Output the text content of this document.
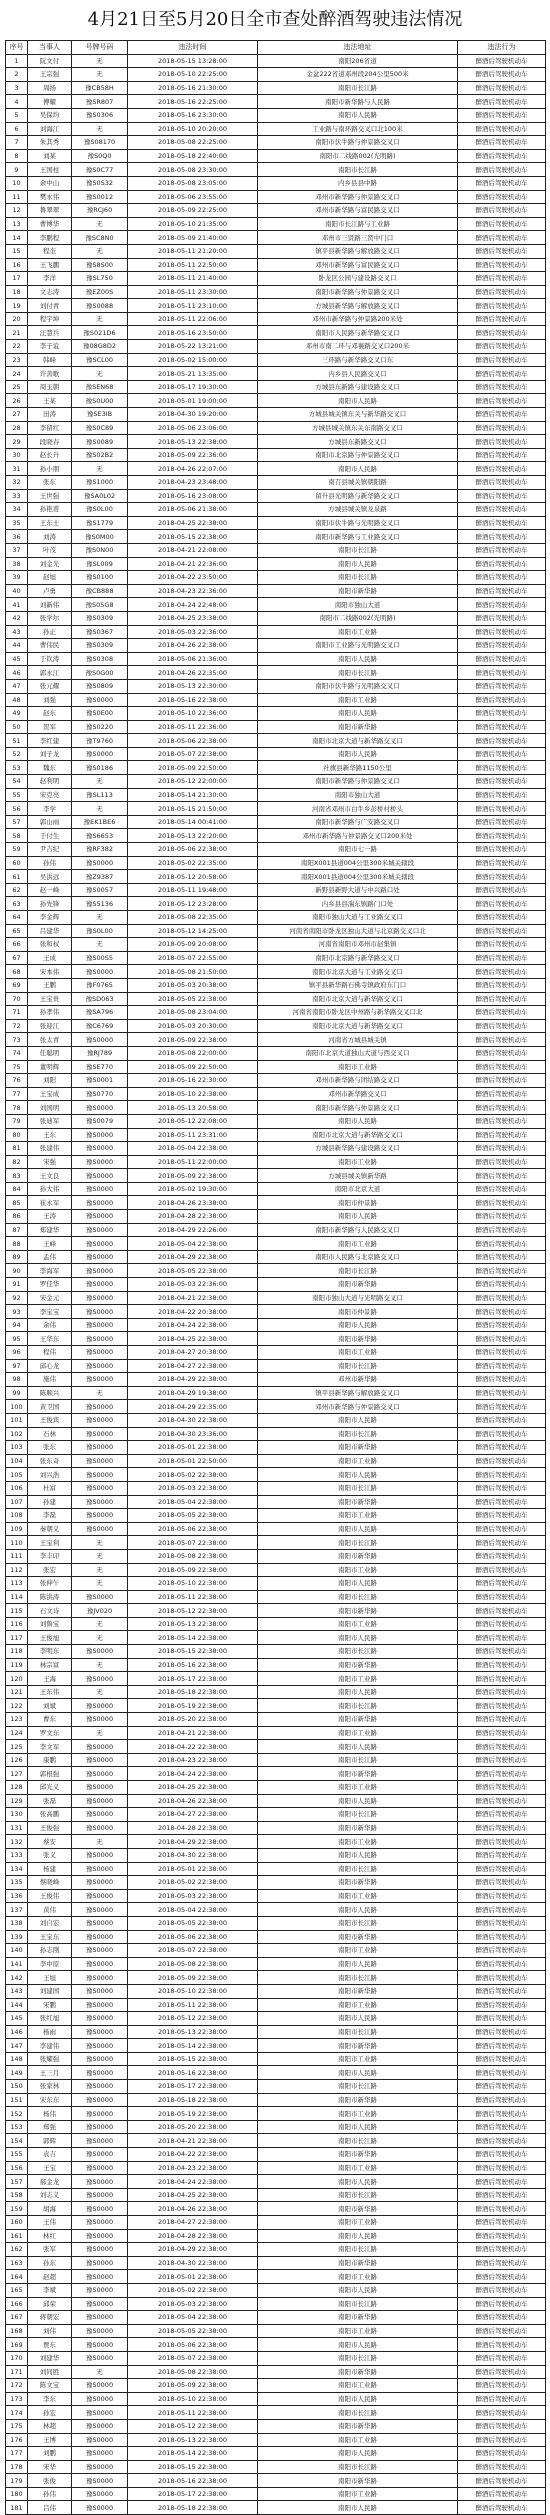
4月21日至5月20日全市查处醉酒驾驶违法情况
序号	当事人	号牌号码	违法时间	违法地址	违法行为
1	阮文付	无	2018-05-15 13:28:00	南阳206省道	醉酒后驾驶机动车
2	王宗强	无	2018-05-10 22:25:00	金盆222省道邓州段204公里500米	醉酒后驾驶机动车
3	周扬	豫CB58H	2018-05-16 21:30:00	南阳市长江路	醉酒后驾驶机动车
4	傅耀	豫SR807	2018-05-16 22:25:00	南阳市新华路与人民路	醉酒后驾驶机动车
5	吴保均	豫S0306	2018-05-16 23:30:00	南阳市人民路	醉酒后驾驶机动车
6	刘海江	无	2018-05-10 20:20:00	工业路与南环路交叉口北100米	醉酒后驾驶机动车
7	朱其秀	豫S08170	2018-05-08 22:25:00	南阳市伏牛路与仲景路交叉口	醉酒后驾驶机动车
8	刘某	豫S0Q0	2018-05-18 22:40:00	南阳市二线路002(光明路)	醉酒后驾驶机动车
9	王国柱	豫S0C77	2018-05-08 23:30:00	南阳市长江路	醉酒后驾驶机动车
10	余中山	豫S0S32	2018-05-08 23:05:00	内乡县县中路	醉酒后驾驶机动车
11	樊永伟	豫S0012	2018-05-06 23:55:00	邓州市新华路与仲景路交叉口	醉酒后驾驶机动车
12	鲁翠翠	豫RCJ60	2018-05-09 22:25:00	邓州市新华路与富民路交叉口	醉酒后驾驶机动车
13	曹博华	无	2018-05-10 21:35:00	南阳市长江路与工业路	醉酒后驾驶机动车
14	李鹏程	豫SC8N0	2018-05-09 21:40:00	邓州市三贤路三贤中门口	醉酒后驾驶机动车
15	程奎	无	2018-05-11 21:20:00	镇平县新华路与解放路交叉口	醉酒后驾驶机动车
16	王飞鹏	豫S8S00	2018-05-11 22:50:00	邓州市新华路与富民路交叉口	醉酒后驾驶机动车
17	李洋	豫SL750	2018-05-11 21:40:00	卧龙区公园与建设路交叉口	醉酒后驾驶机动车
18	文志涛	豫EZ00S	2018-05-11 23:30:00	南阳市新华路与仲景路交叉口	醉酒后驾驶机动车
19	刘付青	豫S0088	2018-05-11 23:10:00	方城县新华路与解放路交叉口	醉酒后驾驶机动车
20	程宇坤	无	2018-05-11 22:06:00	邓州市新华路与仲景路200米处	醉酒后驾驶机动车
21	汪慧兵	豫S021D6	2018-05-16 23:50:00	南阳市人民路与新华路交叉口	醉酒后驾驶机动车
22	李子谊	豫08G8D2	2018-05-22 13:21:00	邓州市南二环与邓襄路交叉口200米	醉酒后驾驶机动车
23	韩峰	豫SCL00	2018-05-02 15:00:00	三环路与新华路交叉口东	醉酒后驾驶机动车
24	许善歌	无	2018-05-21 13:35:00	内乡县人民路交叉口	醉酒后驾驶机动车
25	周玉朝	豫SEN68	2018-05-17 19:30:00	方城县东新路与建设路交叉口	醉酒后驾驶机动车
26	王某	豫S0U00	2018-05-01 19:00:00	南阳市人民路	醉酒后驾驶机动车
27	田涛	豫SE3IB	2018-04-30 19:20:00	方城县城关镇东关与新华路交叉口	醉酒后驾驶机动车
28	李留红	豫S0C89	2018-05-06 23:06:00	方城县城关镇东关东南路交叉口	醉酒后驾驶机动车
29	段晓春	豫S0089	2018-05-13 22:38:00	方城县东新路交叉口	醉酒后驾驶机动车
30	赵长升	豫S02B2	2018-05-09 22:36:00	南阳市北京路与仲景路交叉口	醉酒后驾驶机动车
31	孙小朋	无	2018-04-26 22:07:00	南阳市人民路	醉酒后驾驶机动车
32	张东	豫S1000	2018-04-23 23:48:00	南召县城关镇朝阳路	醉酒后驾驶机动车
33	王世强	豫SA0L02	2018-05-16 23:08:00	留升县光明路与新华路交叉口	醉酒后驾驶机动车
34	孙艳甫	豫S0L00	2018-05-06 21:38:00	方城县城关镇龙泉路	醉酒后驾驶机动车
35	王东士	豫S1779	2018-04-25 22:38:00	南阳市伏牛路与光明路交叉口	醉酒后驾驶机动车
36	刘涛	豫S0M00	2018-05-15 22:38:00	南阳市新华路与工业路交叉口	醉酒后驾驶机动车
37	叶茂	豫S0N00	2018-04-21 22:08:00	南阳市长江路	醉酒后驾驶机动车
38	刘金光	豫SL009	2018-04-21 22:36:00	南阳市人民路	醉酒后驾驶机动车
39	赵旭	豫S0100	2018-04-22 23:50:00	南阳市长江路	醉酒后驾驶机动车
40	卢勇	豫CB888	2018-04-23 22:36:00	南阳市新华路	醉酒后驾驶机动车
41	刘新伟	豫S05G8	2018-04-24 22:48:00	南阳市独山大道	醉酒后驾驶机动车
42	张学尔	豫S0309	2018-04-25 23:38:00	南阳市二线路002(光明路)	醉酒后驾驶机动车
43	孙正	豫S0367	2018-05-03 22:36:00	南阳市工业路	醉酒后驾驶机动车
44	曹伟民	豫S0309	2018-04-26 22:38:00	南阳市工业路与光明路交叉口	醉酒后驾驶机动车
45	于钦涛	豫S0308	2018-05-06 21:36:00	南阳市人民路	醉酒后驾驶机动车
46	郭永江	豫S0G00	2018-04-26 22:35:00	南阳市长江路	醉酒后驾驶机动车
47	张元耀	豫S0809	2018-05-13 22:30:00	南阳市伏牛路与光明路交叉口	醉酒后驾驶机动车
48	刘强	豫S0000	2018-05-16 22:38:00	南阳市工业路	醉酒后驾驶机动车
49	赵东	豫S0E00	2018-05-10 22:36:00	南阳市人民路	醉酒后驾驶机动车
50	贺军	豫S0220	2018-05-11 22:36:00	南阳市新华路	醉酒后驾驶机动车
51	李红建	豫T9760	2018-05-06 22:38:00	南阳市北京大道与新华路交叉口	醉酒后驾驶机动车
52	刘子龙	豫S0000	2018-05-07 22:38:00	南阳市人民路	醉酒后驾驶机动车
53	魏东	豫S0186	2018-05-09 22:50:00	社旗县新华路1150公里	醉酒后驾驶机动车
54	赵利明	无	2018-05-12 22:00:00	南阳市新华路与仲景路交叉口	醉酒后驾驶机动车
55	宋克亮	豫SL113	2018-05-14 21:30:00	南阳市独山大道	醉酒后驾驶机动车
56	李学	无	2018-05-15 21:50:00	河南省邓州市白牛乡彭桥村桥头	醉酒后驾驶机动车
57	郭山雨	豫EK1BE6	2018-05-14 00:41:00	南阳市新华路与广安路交叉口	醉酒后驾驶机动车
58	于付生	豫S6653	2018-05-13 22:20:00	邓州市新华路与仲景路交叉口200米处	醉酒后驾驶机动车
59	尹吉纪	豫RF382	2018-05-06 22:38:00	南阳市七一路	醉酒后驾驶机动车
60	孙伟	豫S0000	2018-05-02 22:35:00	南阳X001县道004公里300米城关辖段	醉酒后驾驶机动车
61	吴洪远	豫Z9387	2018-05-12 20:58:00	南阳X001县道004公里300米城关辖段	醉酒后驾驶机动车
62	赵一峰	豫S0057	2018-05-11 19:48:00	新野县新野大道与中兴路口处	醉酒后驾驶机动车
63	孙先锋	豫S5136	2018-05-12 23:28:00	内乡县县湍东镇路门口处	醉酒后驾驶机动车
64	李金辉	无	2018-05-08 22:35:00	南阳市独山大道与工业路交叉口	醉酒后驾驶机动车
65	吕建华	豫S0L00	2018-05-12 14:25:00	河南省南阳市卧龙区独山大道与北京路交叉口北	醉酒后驾驶机动车
66	张和权	无	2018-05-09 20:08:00	河南省南阳市邓州市赵集镇	醉酒后驾驶机动车
67	王成	豫S00S5	2018-05-07 22:55:00	南阳市北京路与新华路交叉口	醉酒后驾驶机动车
68	宋本伟	豫S0000	2018-05-08 21:50:00	南阳市北京大道与工业路交叉口	醉酒后驾驶机动车
69	王鹏	豫F0765	2018-05-03 20:38:00	镇平县新华路石佛寺镇政府东门口	醉酒后驾驶机动车
70	王宝贵	豫SD063	2018-05-05 22:38:00	南阳市北京大道与新华路交叉口	醉酒后驾驶机动车
71	孙孝伟	豫SA796	2018-05-08 23:04:00	河南省南阳市卧龙区中州路与新华路交叉口北	醉酒后驾驶机动车
72	张迎江	豫C6769	2018-05-03 20:30:00	南阳市北京大道与新华路交叉口	醉酒后驾驶机动车
73	张太青	豫S0000	2018-05-09 22:38:00	河南省方城县城关镇	醉酒后驾驶机动车
74	任聪明	豫RJ789	2018-05-08 22:00:00	南阳市北京大道独山大道与西交叉口	醉酒后驾驶机动车
75	董明辉	豫SE770	2018-05-09 22:50:00	南阳市工业路	醉酒后驾驶机动车
76	刘阳	豫S0001	2018-05-16 22:30:00	邓州市新华路与团结路交叉口	醉酒后驾驶机动车
77	王宝成	豫S0770	2018-05-10 22:38:00	邓州市新华路交叉口	醉酒后驾驶机动车
78	刘国明	豫S0000	2018-05-13 20:58:00	南阳市新华路与仲景路交叉口	醉酒后驾驶机动车
79	张迪军	豫S0079	2018-05-12 22:08:00	南阳市人民路	醉酒后驾驶机动车
80	王东	豫S0000	2018-05-11 23:31:00	南阳市北京大道与新华路交叉口	醉酒后驾驶机动车
81	张建伟	豫S0000	2018-05-04 22:38:00	方城县新华路与建设路交叉口	醉酒后驾驶机动车
82	宋强	豫S0000	2018-05-11 22:00:00	南阳市工业路	醉酒后驾驶机动车
83	王文良	豫S0000	2018-05-09 22:38:00	方城县城关镇新华路	醉酒后驾驶机动车
84	孙大伟	豫S0000	2018-05-02 19:30:00	南阳市北京大道	醉酒后驾驶机动车
85	崔永军	豫S0000	2018-04-26 23:38:00	南阳市仲景路	醉酒后驾驶机动车
86	王涛	豫S0000	2018-04-28 22:38:00	南阳市人民路	醉酒后驾驶机动车
87	郑建华	豫S0000	2018-04-29 22:26:00	南阳市新华路与人民路交叉口	醉酒后驾驶机动车
88	王峰	豫S0000	2018-05-04 22:38:00	南阳市工业路	醉酒后驾驶机动车
89	孟伟	豫S0000	2018-04-29 22:38:00	南阳市人民路与北京路交叉口	醉酒后驾驶机动车
90	李海军	豫S0000	2018-05-05 22:38:00	南阳市长江路	醉酒后驾驶机动车
91	罗佳华	豫S0000	2018-05-03 22:36:00	南阳市新华路	醉酒后驾驶机动车
92	宋金元	豫S0000	2018-04-21 22:38:00	南阳市独山大道与光明路交叉口	醉酒后驾驶机动车
93	李宝宝	豫S0000	2018-04-22 20:38:00	南阳市仲景路	醉酒后驾驶机动车
94	余伟	豫S0000	2018-04-24 22:38:00	南阳市人民路	醉酒后驾驶机动车
95	王华东	豫S0000	2018-04-25 22:38:00	南阳市新华路	醉酒后驾驶机动车
96	程伟	豫S0000	2018-04-27 20:38:00	南阳市工业路	醉酒后驾驶机动车
97	邱心龙	豫S0000	2018-04-27 22:38:00	南阳市长江路	醉酒后驾驶机动车
98	施伟	豫S0000	2018-04-29 22:38:00	邓州市新华路	醉酒后驾驶机动车
99	陈顺兴	无	2018-04-29 19:38:00	镇平县新华路与解放路交叉口	醉酒后驾驶机动车
100	黄卫国	豫S0000	2018-04-29 22:35:00	邓州市新华路与仲景路交叉口	醉酒后驾驶机动车
101	王俊宾	豫S0000	2018-04-30 22:38:00	南阳市人民路	醉酒后驾驶机动车
102	石林	豫S0000	2018-04-30 23:36:00	南阳市长江路	醉酒后驾驶机动车
103	张东	豫S0000	2018-05-01 22:38:00	南阳市新华路	醉酒后驾驶机动车
104	张东奇	豫S0000	2018-05-01 22:50:00	南阳市工业路	醉酒后驾驶机动车
105	刘兴浩	豫S0000	2018-05-02 22:38:00	南阳市人民路	醉酒后驾驶机动车
106	杜富	豫S0000	2018-05-03 22:38:00	南阳市长江路	醉酒后驾驶机动车
107	孙建	豫S0000	2018-05-04 22:38:00	南阳市新华路	醉酒后驾驶机动车
108	李磊	豫S0000	2018-05-05 22:38:00	南阳市工业路	醉酒后驾驶机动车
109	秦朝义	豫S0000	2018-05-06 22:38:00	南阳市人民路	醉酒后驾驶机动车
110	王宝利	无	2018-05-07 22:38:00	南阳市长江路	醉酒后驾驶机动车
111	李丰印	无	2018-05-08 22:38:00	南阳市新华路	醉酒后驾驶机动车
112	张宏	无	2018-05-09 22:38:00	南阳市工业路	醉酒后驾驶机动车
113	张伸午	无	2018-05-10 22:38:00	南阳市人民路	醉酒后驾驶机动车
114	陈洪涛	豫S0000	2018-05-11 22:38:00	南阳市长江路	醉酒后驾驶机动车
115	石文诗	豫JV020	2018-05-12 22:38:00	南阳市新华路	醉酒后驾驶机动车
116	刘鲁宝	无	2018-05-13 22:38:00	南阳市工业路	醉酒后驾驶机动车
117	王俊旭	无	2018-05-14 22:38:00	南阳市人民路	醉酒后驾驶机动车
118	李明东	豫S0000	2018-05-15 22:38:00	南阳市长江路	醉酒后驾驶机动车
119	林宗富	无	2018-05-16 22:38:00	南阳市新华路	醉酒后驾驶机动车
120	王海	豫S0000	2018-05-17 22:38:00	南阳市工业路	醉酒后驾驶机动车
121	王东伟	无	2018-05-18 22:38:00	南阳市人民路	醉酒后驾驶机动车
122	刘斌	豫S0000	2018-05-19 22:38:00	南阳市长江路	醉酒后驾驶机动车
123	曹东	豫S0000	2018-05-20 22:38:00	南阳市新华路	醉酒后驾驶机动车
124	罗文东	无	2018-04-21 22:38:00	南阳市工业路	醉酒后驾驶机动车
125	李文军	豫S0000	2018-04-22 22:38:00	南阳市人民路	醉酒后驾驶机动车
126	康鹏	豫S0000	2018-04-23 22:38:00	南阳市长江路	醉酒后驾驶机动车
127	郭根强	豫S0000	2018-04-24 22:38:00	南阳市新华路	醉酒后驾驶机动车
128	邱光义	豫S0000	2018-04-25 22:38:00	南阳市工业路	醉酒后驾驶机动车
129	张磊	豫S0000	2018-04-26 22:38:00	南阳市人民路	醉酒后驾驶机动车
130	张高鹏	豫S0000	2018-04-27 22:38:00	南阳市长江路	醉酒后驾驶机动车
131	王俊强	豫S0000	2018-04-28 22:38:00	南阳市新华路	醉酒后驾驶机动车
132	蔡安	无	2018-04-29 22:38:00	南阳市工业路	醉酒后驾驶机动车
133	张义	豫S0000	2018-04-30 22:38:00	南阳市人民路	醉酒后驾驶机动车
134	杨建	豫S0000	2018-05-01 22:38:00	南阳市长江路	醉酒后驾驶机动车
135	蔡晓峰	豫S0000	2018-05-02 22:38:00	南阳市新华路	醉酒后驾驶机动车
136	王俊伟	豫S0000	2018-05-03 22:38:00	南阳市工业路	醉酒后驾驶机动车
137	黄伟	豫S0000	2018-05-04 22:38:00	南阳市人民路	醉酒后驾驶机动车
138	刘自宏	豫S0000	2018-05-05 22:38:00	南阳市长江路	醉酒后驾驶机动车
139	王宝东	豫S0000	2018-05-06 22:38:00	南阳市新华路	醉酒后驾驶机动车
140	孙志刚	豫S0000	2018-05-07 22:38:00	南阳市工业路	醉酒后驾驶机动车
141	李中原	豫S0000	2018-05-08 22:38:00	南阳市人民路	醉酒后驾驶机动车
142	王旭	豫S0000	2018-05-09 22:38:00	南阳市长江路	醉酒后驾驶机动车
143	刘建国	豫S0000	2018-05-10 22:38:00	南阳市新华路	醉酒后驾驶机动车
144	宋鹏	豫S0000	2018-05-11 22:38:00	南阳市工业路	醉酒后驾驶机动车
145	张红旭	豫S0000	2018-05-12 22:38:00	南阳市人民路	醉酒后驾驶机动车
146	杨雨	豫S0000	2018-05-13 22:38:00	南阳市长江路	醉酒后驾驶机动车
147	李建伟	豫S0000	2018-05-14 22:38:00	南阳市新华路	醉酒后驾驶机动车
148	张耀强	豫S0000	2018-05-15 22:38:00	南阳市工业路	醉酒后驾驶机动车
149	王三月	豫S0000	2018-05-16 22:38:00	南阳市人民路	醉酒后驾驶机动车
150	张家林	豫S0000	2018-05-17 22:38:00	南阳市长江路	醉酒后驾驶机动车
151	宋东东	豫S0000	2018-05-18 22:38:00	南阳市新华路	醉酒后驾驶机动车
152	杨伟	豫S0000	2018-05-19 22:38:00	南阳市工业路	醉酒后驾驶机动车
153	郑强	豫S0000	2018-05-20 22:38:00	南阳市人民路	醉酒后驾驶机动车
154	郭辉	豫S0000	2018-04-21 22:38:00	南阳市长江路	醉酒后驾驶机动车
155	袁吉	豫S0000	2018-04-22 22:38:00	南阳市新华路	醉酒后驾驶机动车
156	王宝	豫S0000	2018-04-23 22:38:00	南阳市工业路	醉酒后驾驶机动车
157	郝金龙	豫S0000	2018-04-24 22:38:00	南阳市人民路	醉酒后驾驶机动车
158	刘志义	豫S0000	2018-04-25 22:38:00	南阳市长江路	醉酒后驾驶机动车
159	胡海	豫S0000	2018-04-26 22:38:00	南阳市新华路	醉酒后驾驶机动车
160	王伟	豫S0000	2018-04-27 22:38:00	南阳市工业路	醉酒后驾驶机动车
161	林红	豫S0000	2018-04-28 22:38:00	南阳市人民路	醉酒后驾驶机动车
162	张军	豫S0000	2018-04-29 22:38:00	南阳市长江路	醉酒后驾驶机动车
163	孙东	豫S0000	2018-04-30 22:38:00	南阳市新华路	醉酒后驾驶机动车
164	赵超	豫S0000	2018-05-01 22:38:00	南阳市工业路	醉酒后驾驶机动车
165	李斌	豫S0000	2018-05-02 22:38:00	南阳市人民路	醉酒后驾驶机动车
166	邱荣	豫S0000	2018-05-03 22:38:00	南阳市长江路	醉酒后驾驶机动车
167	蒋朝宏	豫S0000	2018-05-04 22:38:00	南阳市新华路	醉酒后驾驶机动车
168	刘伟	豫S0000	2018-05-05 22:38:00	南阳市工业路	醉酒后驾驶机动车
169	贾东	豫S0000	2018-05-06 22:38:00	南阳市人民路	醉酒后驾驶机动车
170	刘建华	豫S0000	2018-05-07 22:38:00	南阳市长江路	醉酒后驾驶机动车
171	刘同胜	无	2018-05-08 22:38:00	南阳市新华路	醉酒后驾驶机动车
172	陈文宝	豫S0000	2018-05-09 22:38:00	南阳市工业路	醉酒后驾驶机动车
173	李东	豫S0000	2018-05-10 22:38:00	南阳市人民路	醉酒后驾驶机动车
174	孙宏	豫S0000	2018-05-11 22:38:00	南阳市长江路	醉酒后驾驶机动车
175	林超	豫S0000	2018-05-12 22:38:00	南阳市新华路	醉酒后驾驶机动车
176	王博	豫S0000	2018-05-13 22:38:00	南阳市工业路	醉酒后驾驶机动车
177	刘鹏	豫S0000	2018-05-14 22:38:00	南阳市人民路	醉酒后驾驶机动车
178	宋华	豫S0000	2018-05-15 22:38:00	南阳市长江路	醉酒后驾驶机动车
179	张俊	豫S0000	2018-05-16 22:38:00	南阳市新华路	醉酒后驾驶机动车
180	孙伟	豫S0000	2018-05-17 22:38:00	南阳市工业路	醉酒后驾驶机动车
181	吕伟	豫S0000	2018-05-18 22:38:00	南阳市人民路	醉酒后驾驶机动车
